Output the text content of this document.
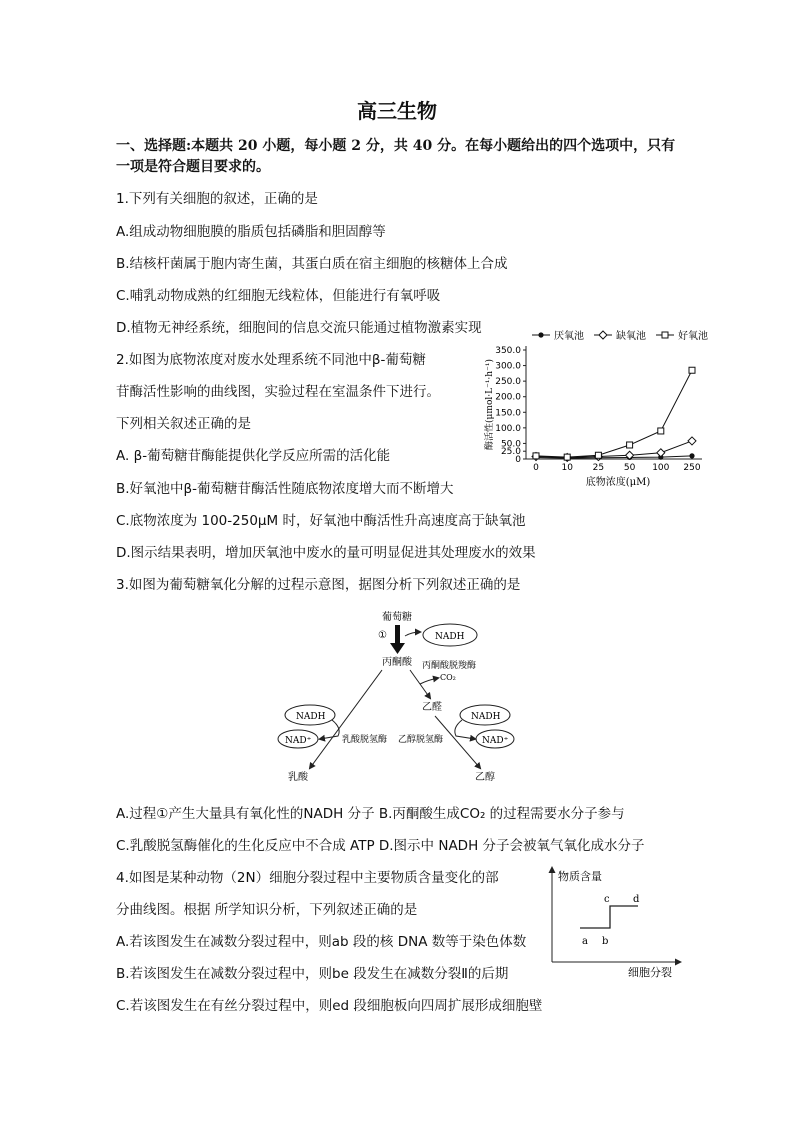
高三生物
一、选择题:本题共 20 小题，每小题 2 分，共 40 分。在每小题给出的四个选项中，只有
一项是符合题目要求的。
1.下列有关细胞的叙述，正确的是
A.组成动物细胞膜的脂质包括磷脂和胆固醇等
B.结核杆菌属于胞内寄生菌，其蛋白质在宿主细胞的核糖体上合成
C.哺乳动物成熟的红细胞无线粒体，但能进行有氧呼吸
D.植物无神经系统，细胞间的信息交流只能通过植物激素实现
2.如图为底物浓度对废水处理系统不同池中β-葡萄糖
苷酶活性影响的曲线图，实验过程在室温条件下进行。
下列相关叙述正确的是
A. β-葡萄糖苷酶能提供化学反应所需的活化能
B.好氧池中β-葡萄糖苷酶活性随底物浓度增大而不断增大
C.底物浓度为 100-250μM 时，好氧池中酶活性升高速度高于缺氧池
D.图示结果表明，增加厌氧池中废水的量可明显促进其处理废水的效果
厌氧池	缺氧池	好氧池
0
25.0
50.0
100.0
150.0
200.0
250.0
300.0
350.0
0	10 25 50 100 250
底物浓度(μM)
酶活性(μmol·L⁻¹·h⁻¹)
3.如图为葡萄糖氧化分解的过程示意图，据图分析下列叙述正确的是
葡萄糖
①	NADH
丙酮酸 丙酮酸脱羧酶
CO₂
乙醛
NADH
NAD⁺	乳酸脱氢酶
NADH
NAD⁺
乙醇脱氢酶
乳酸	乙醇
A.过程①产生大量具有氧化性的NADH 分子 B.丙酮酸生成CO₂ 的过程需要水分子参与
C.乳酸脱氢酶催化的生化反应中不合成 ATP D.图示中 NADH 分子会被氧气氧化成水分子
4.如图是某种动物（2N）细胞分裂过程中主要物质含量变化的部
分曲线图。根据 所学知识分析，下列叙述正确的是
A.若该图发生在减数分裂过程中，则ab 段的核 DNA 数等于染色体数
B.若该图发生在减数分裂过程中，则be 段发生在减数分裂Ⅱ的后期
C.若该图发生在有丝分裂过程中，则ed 段细胞板向四周扩展形成细胞壁
物质含量
细胞分裂
a b
c d
